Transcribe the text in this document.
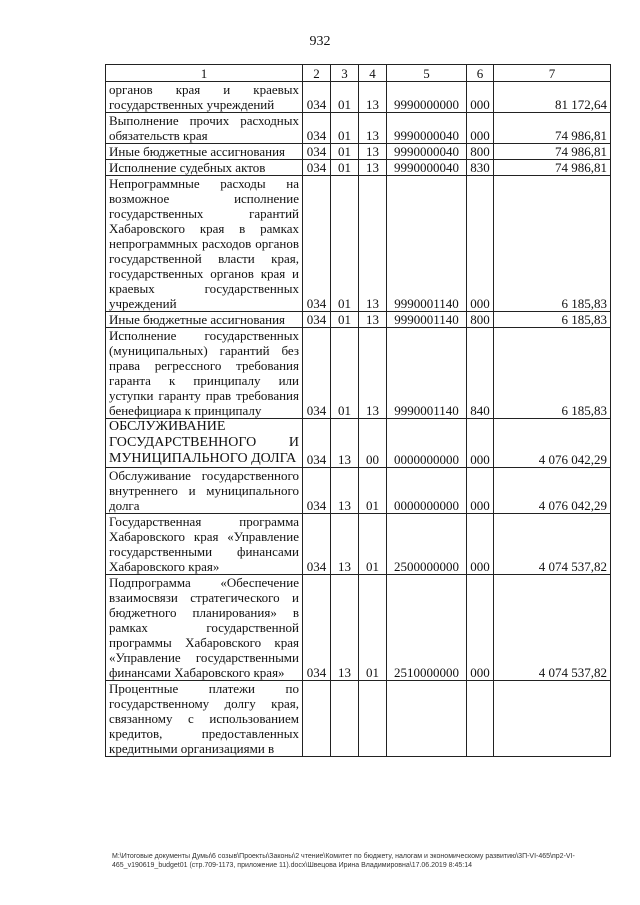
932
1	2	3	4	5	6	7
органов края и краевых государственных учреждений	034	01	13	9990000000	000	81 172,64
Выполнение прочих расходных обязательств края	034	01	13	9990000040	000	74 986,81
Иные бюджетные ассигнования	034	01	13	9990000040	800	74 986,81
Исполнение судебных актов	034	01	13	9990000040	830	74 986,81
Непрограммные расходы на возможное исполнение государственных гарантий Хабаровского края в рамках непрограммных расходов органов государственной власти края, государственных органов края и краевых государственных учреждений	034	01	13	9990001140	000	6 185,83
Иные бюджетные ассигнования	034	01	13	9990001140	800	6 185,83
Исполнение государственных (муниципальных) гарантий без права регрессного требования гаранта к принципалу или уступки гаранту прав требования бенефициара к принципалу	034	01	13	9990001140	840	6 185,83
ОБСЛУЖИВАНИЕ ГОСУДАРСТВЕННОГО И МУНИЦИПАЛЬНОГО ДОЛГА	034	13	00	0000000000	000	4 076 042,29
Обслуживание государственного внутреннего и муниципального долга	034	13	01	0000000000	000	4 076 042,29
Государственная программа Хабаровского края «Управление государственными финансами Хабаровского края»	034	13	01	2500000000	000	4 074 537,82
Подпрограмма «Обеспечение взаимосвязи стратегического и бюджетного планирования» в рамках государственной программы Хабаровского края «Управление государственными финансами Хабаровского края»	034	13	01	2510000000	000	4 074 537,82
Процентные платежи по государственному долгу края, связанному с использованием кредитов, предоставленных кредитными организациями в						
М:\Итоговые документы Думы\6 созыв\Проекты\Законы\2 чтение\Комитет по бюджету, налогам и экономическому развитию\3П-VI-465\пр2-VI-465_v190619_budget01 (стр.709-1173, приложение 11).docx\Швецова Ирина Владимировна\17.06.2019 8:45:14
